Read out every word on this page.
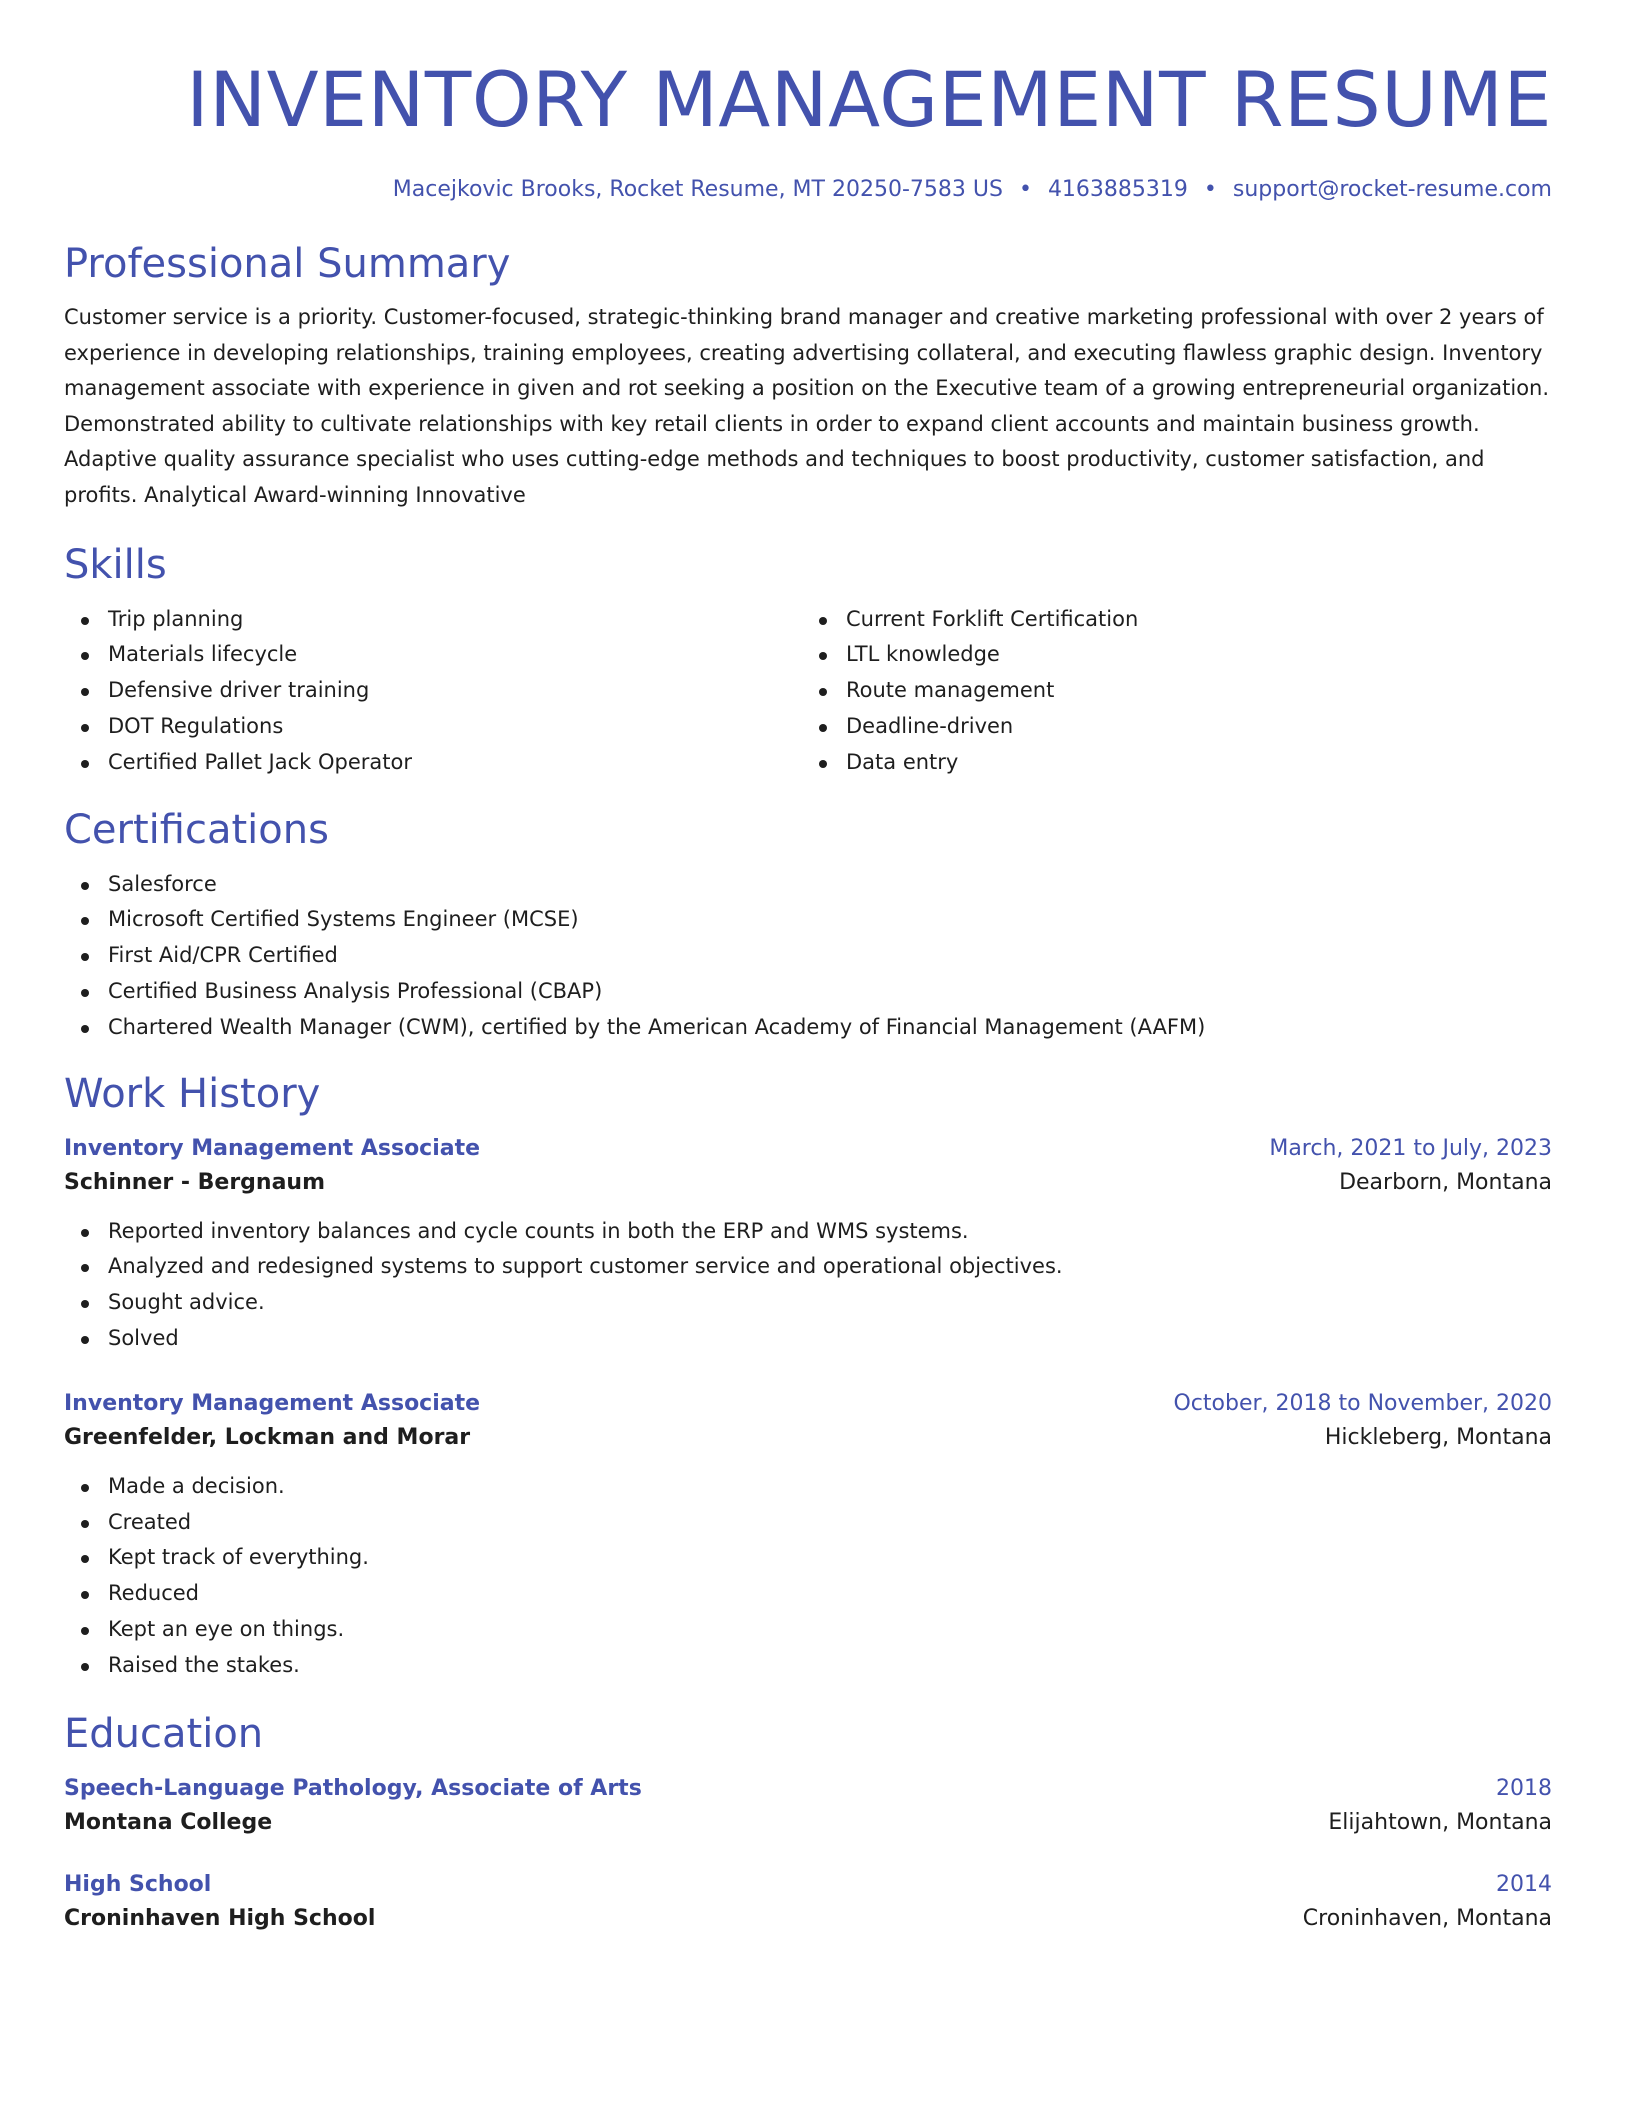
INVENTORY MANAGEMENT RESUME
Macejkovic Brooks, Rocket Resume, MT 20250-7583 US • 4163885319 • support@rocket-resume.com
Professional Summary

Customer service is a priority. Customer-focused, strategic-thinking brand manager and creative marketing professional with over 2 years of experience in developing relationships, training employees, creating advertising collateral, and executing flawless graphic design. Inventory management associate with experience in given and rot seeking a position on the Executive team of a growing entrepreneurial organization. Demonstrated ability to cultivate relationships with key retail clients in order to expand client accounts and maintain business growth. Adaptive quality assurance specialist who uses cutting-edge methods and techniques to boost productivity, customer satisfaction, and profits. Analytical Award-winning Innovative

Skills
Trip planning
Materials lifecycle
Defensive driver training
DOT Regulations
Certified Pallet Jack Operator
Current Forklift Certification
LTL knowledge
Route management
Deadline-driven
Data entry
Certifications
Salesforce
Microsoft Certified Systems Engineer (MCSE)
First Aid/CPR Certified
Certified Business Analysis Professional (CBAP)
Chartered Wealth Manager (CWM), certified by the American Academy of Financial Management (AAFM)
Work History
Inventory Management Associate	March, 2021 to July, 2023
Schinner - Bergnaum	Dearborn, Montana
Reported inventory balances and cycle counts in both the ERP and WMS systems.
Analyzed and redesigned systems to support customer service and operational objectives.
Sought advice.
Solved
Inventory Management Associate	October, 2018 to November, 2020
Greenfelder, Lockman and Morar	Hickleberg, Montana
Made a decision.
Created
Kept track of everything.
Reduced
Kept an eye on things.
Raised the stakes.
Education
Speech-Language Pathology, Associate of Arts	2018
Montana College	Elijahtown, Montana
High School	2014
Croninhaven High School	Croninhaven, Montana
